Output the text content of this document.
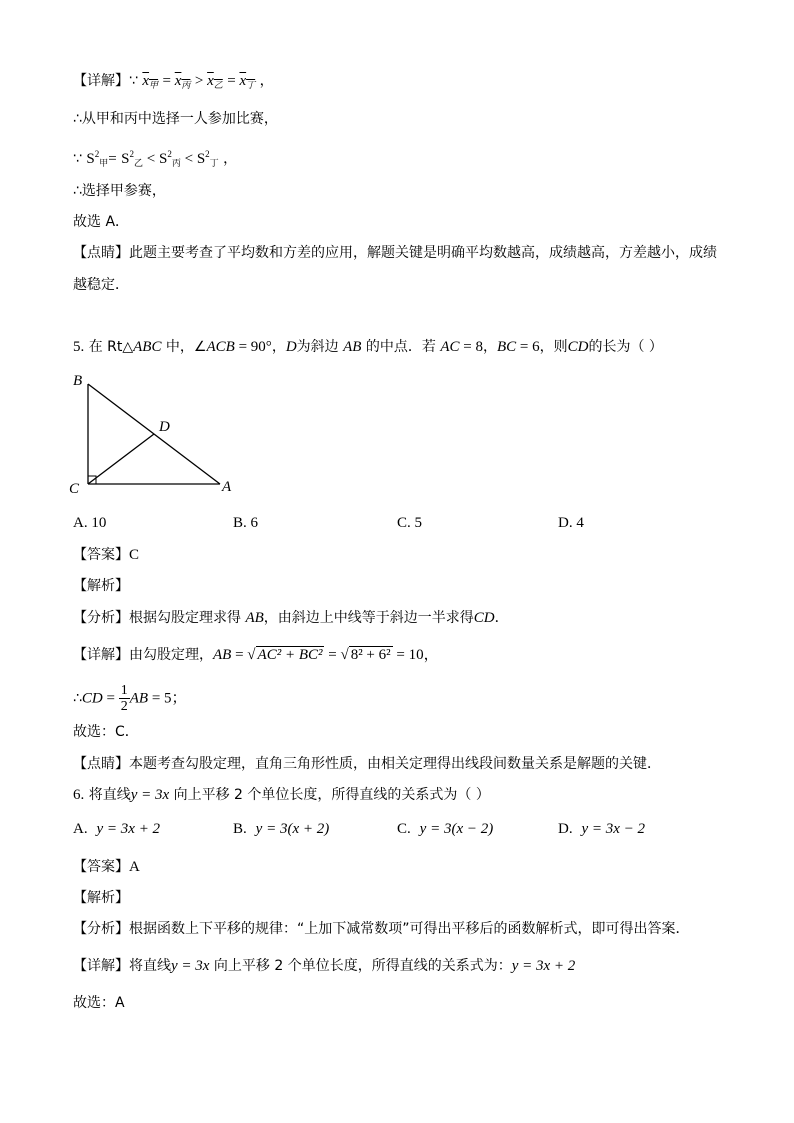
【详解】∵ $x_甲 = x_丙 > x_乙 = x_丁$ ，
∴从甲和丙中选择一人参加比赛，
∵ $S^2_甲= S^2_乙 < S^2_丙 < S^2_丁$ ，
∴选择甲参赛，
故选 A．
【点睛】此题主要考查了平均数和方差的应用，解题关键是明确平均数越高，成绩越高，方差越小，成绩
越稳定．
5. 在 Rt△ABC 中，∠ACB = 90°，D为斜边 AB 的中点．若 AC = 8，BC = 6，则CD的长为（ ）
B
C
D
A
A. 10	B. 6	C. 5	D. 4
【答案】C
【解析】
【分析】根据勾股定理求得 AB，由斜边上中线等于斜边一半求得CD．
【详解】由勾股定理，AB = √ AC² + BC² = √ 8² + 6² = 10，
∴CD = $\frac{1}{2}$ AB = 5；
故选：C．
【点睛】本题考查勾股定理，直角三角形性质，由相关定理得出线段间数量关系是解题的关键．
6. 将直线y = 3x 向上平移 2 个单位长度，所得直线的关系式为（ ）
A. y = 3x + 2	B. y = 3(x + 2)	C. y = 3(x − 2)	D. y = 3x − 2
【答案】A
【解析】
【分析】根据函数上下平移的规律：“上加下减常数项”可得出平移后的函数解析式，即可得出答案．
【详解】将直线y = 3x 向上平移 2 个单位长度，所得直线的关系式为：y = 3x + 2
故选：A
